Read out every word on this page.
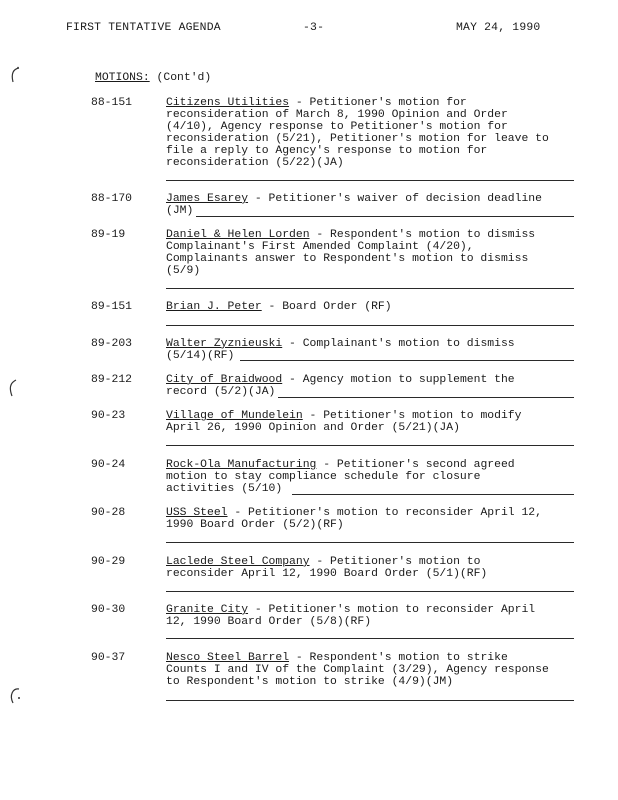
FIRST TENTATIVE AGENDA	-3-	MAY 24, 1990
MOTIONS: (Cont'd)
88-151	Citizens Utilities - Petitioner's motion for
reconsideration of March 8, 1990 Opinion and Order
(4/10), Agency response to Petitioner's motion for
reconsideration (5/21), Petitioner's motion for leave to
file a reply to Agency's response to motion for
reconsideration (5/22)(JA)
88-170	James Esarey - Petitioner's waiver of decision deadline
(JM)
89-19	Daniel & Helen Lorden - Respondent's motion to dismiss
Complainant's First Amended Complaint (4/20),
Complainants answer to Respondent's motion to dismiss
(5/9)
89-151	Brian J. Peter - Board Order (RF)
89-203	Walter Zyznieuski - Complainant's motion to dismiss
(5/14)(RF)
89-212	City of Braidwood - Agency motion to supplement the
record (5/2)(JA)
90-23	Village of Mundelein - Petitioner's motion to modify
April 26, 1990 Opinion and Order (5/21)(JA)
90-24	Rock-Ola Manufacturing - Petitioner's second agreed
motion to stay compliance schedule for closure
activities (5/10)
90-28	USS Steel - Petitioner's motion to reconsider April 12,
1990 Board Order (5/2)(RF)
90-29	Laclede Steel Company - Petitioner's motion to
reconsider April 12, 1990 Board Order (5/1)(RF)
90-30	Granite City - Petitioner's motion to reconsider April
12, 1990 Board Order (5/8)(RF)
90-37	Nesco Steel Barrel - Respondent's motion to strike
Counts I and IV of the Complaint (3/29), Agency response
to Respondent's motion to strike (4/9)(JM)
